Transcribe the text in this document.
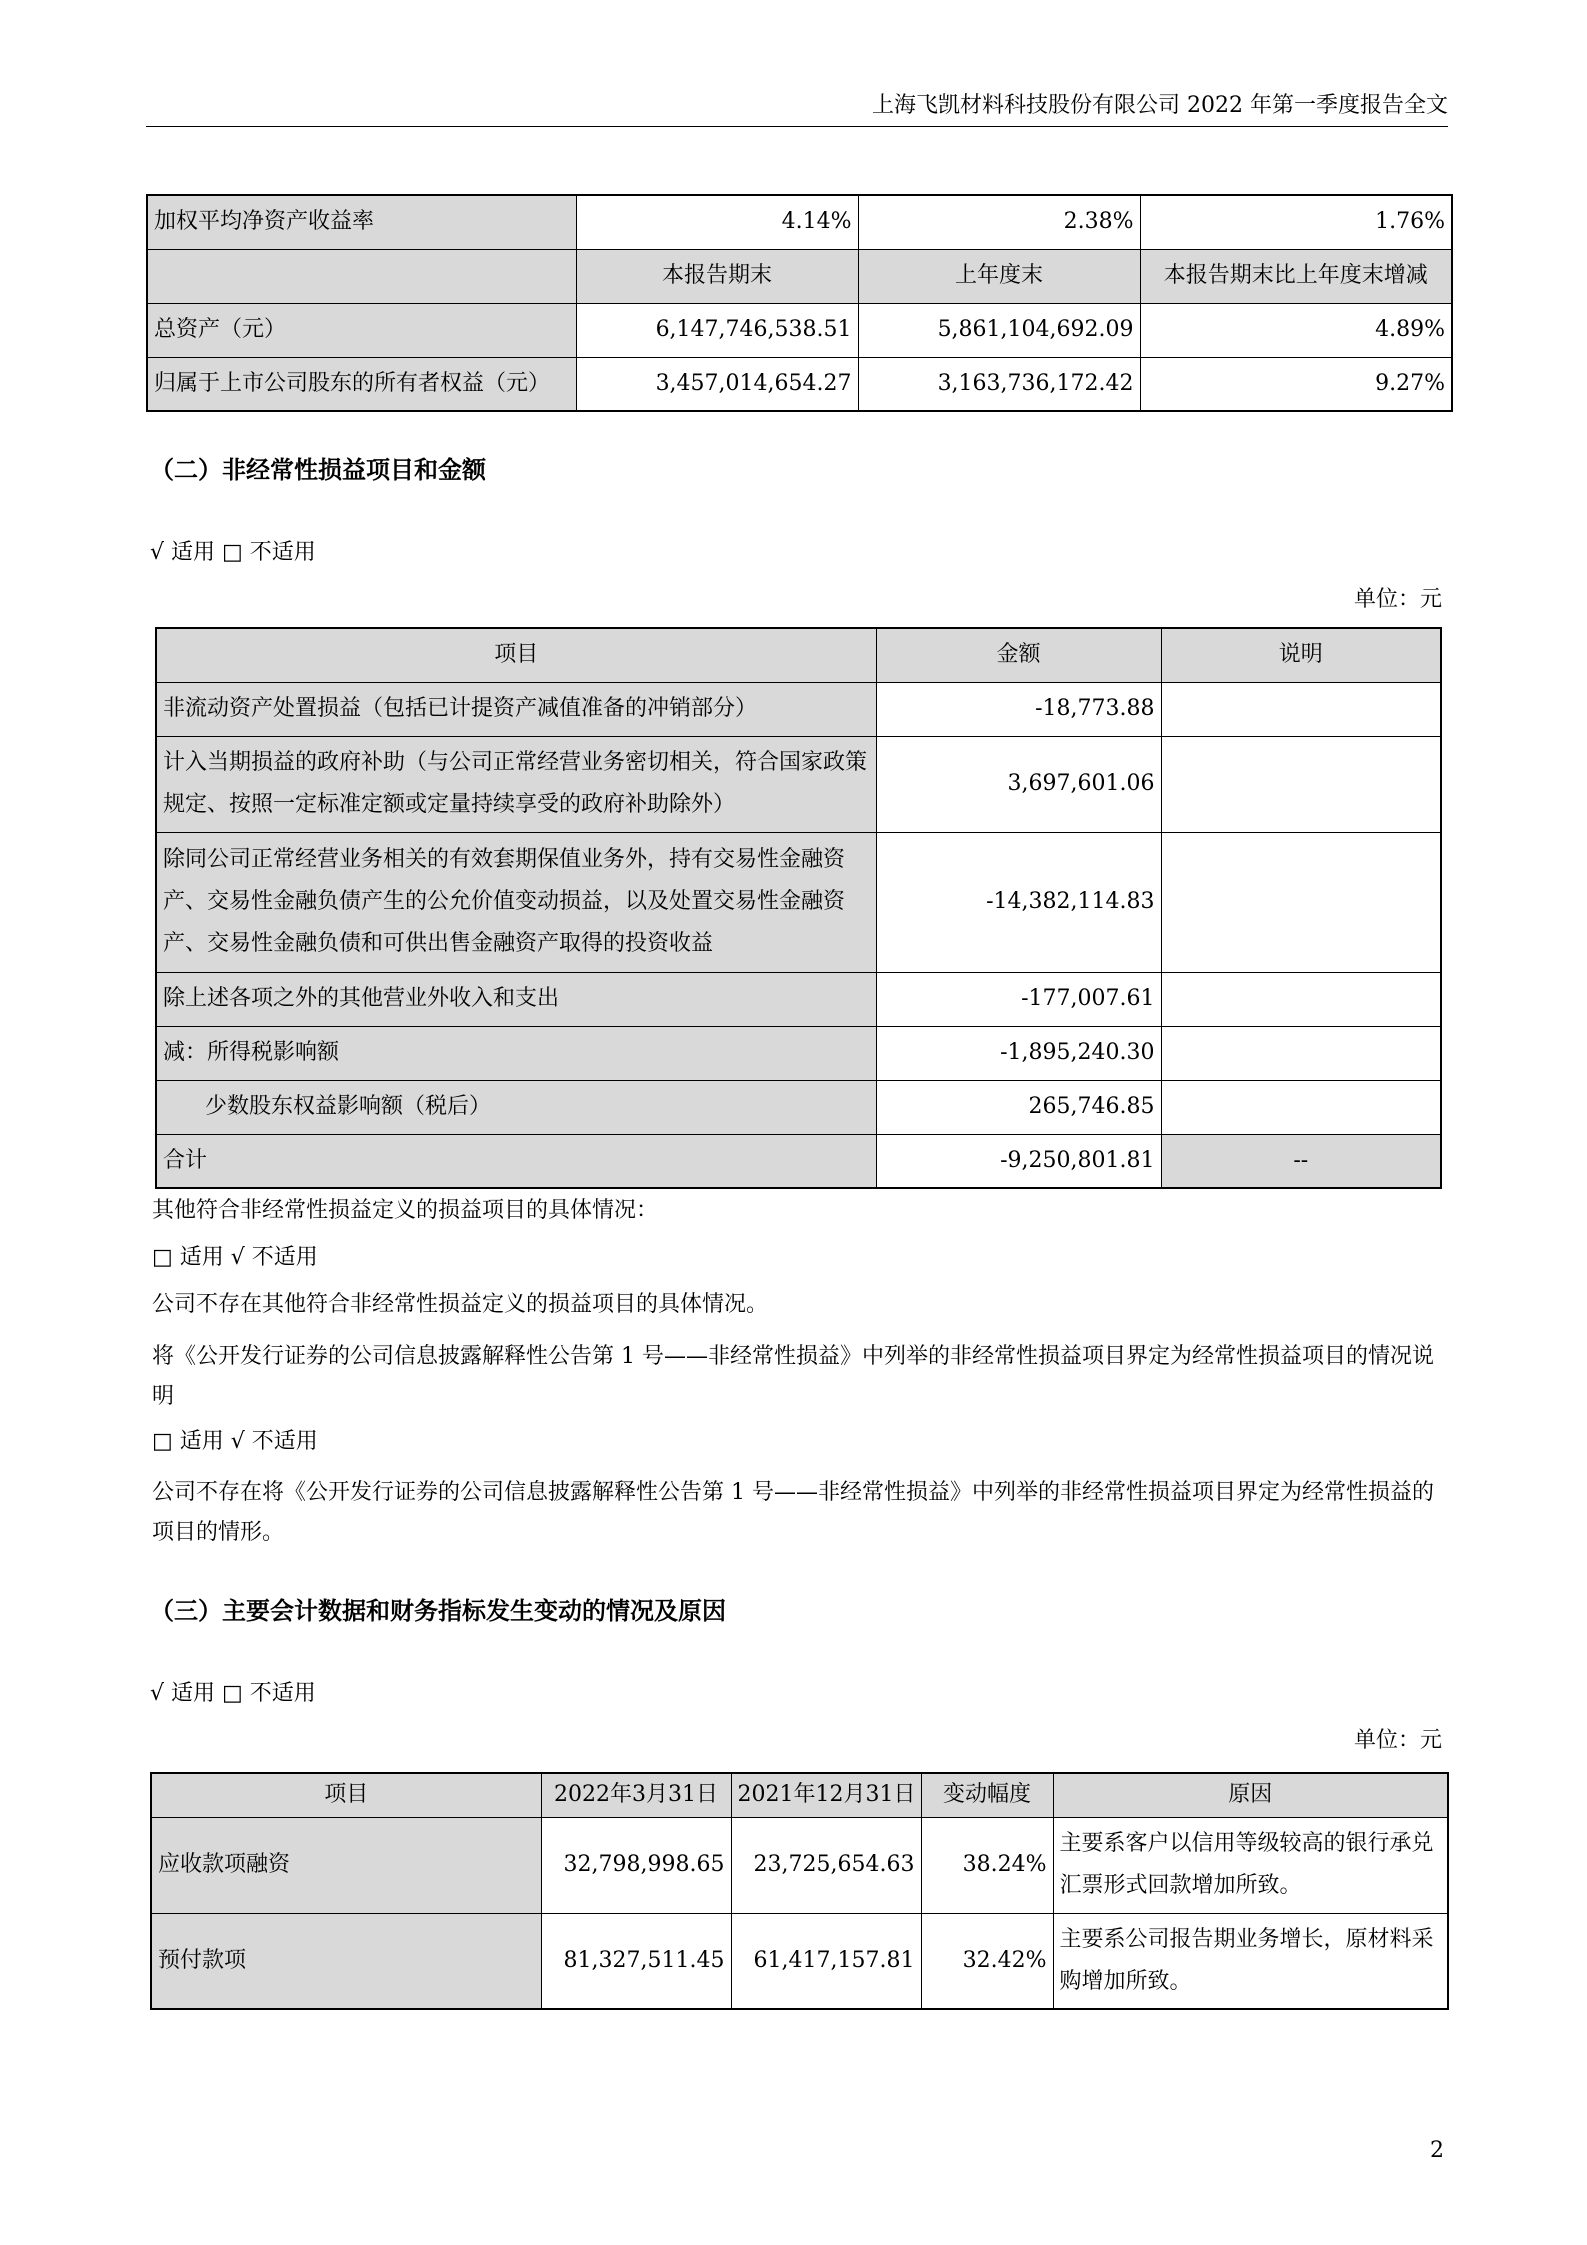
上海飞凯材料科技股份有限公司 2022 年第一季度报告全文
加权平均净资产收益率	4.14%	2.38%	1.76%
	本报告期末	上年度末	本报告期末比上年度末增减
总资产（元）	6,147,746,538.51	5,861,104,692.09	4.89%
归属于上市公司股东的所有者权益（元）	3,457,014,654.27	3,163,736,172.42	9.27%
（二）非经常性损益项目和金额
√ 适用 □ 不适用
单位：元
项目	金额	说明
非流动资产处置损益（包括已计提资产减值准备的冲销部分）	-18,773.88	
计入当期损益的政府补助（与公司正常经营业务密切相关，符合国家政策规定、按照一定标准定额或定量持续享受的政府补助除外）	3,697,601.06	
除同公司正常经营业务相关的有效套期保值业务外，持有交易性金融资产、交易性金融负债产生的公允价值变动损益，以及处置交易性金融资产、交易性金融负债和可供出售金融资产取得的投资收益	-14,382,114.83	
除上述各项之外的其他营业外收入和支出	-177,007.61	
减：所得税影响额	-1,895,240.30	
少数股东权益影响额（税后）	265,746.85	
合计	-9,250,801.81	--
其他符合非经常性损益定义的损益项目的具体情况：
□ 适用 √ 不适用
公司不存在其他符合非经常性损益定义的损益项目的具体情况。
将《公开发行证券的公司信息披露解释性公告第 1 号——非经常性损益》中列举的非经常性损益项目界定为经常性损益项目的情况说明
□ 适用 √ 不适用
公司不存在将《公开发行证券的公司信息披露解释性公告第 1 号——非经常性损益》中列举的非经常性损益项目界定为经常性损益的项目的情形。
（三）主要会计数据和财务指标发生变动的情况及原因
√ 适用 □ 不适用
单位：元
项目	2022年3月31日	2021年12月31日	变动幅度	原因
应收款项融资	32,798,998.65	23,725,654.63	38.24%	主要系客户以信用等级较高的银行承兑汇票形式回款增加所致。
预付款项	81,327,511.45	61,417,157.81	32.42%	主要系公司报告期业务增长，原材料采购增加所致。
2
